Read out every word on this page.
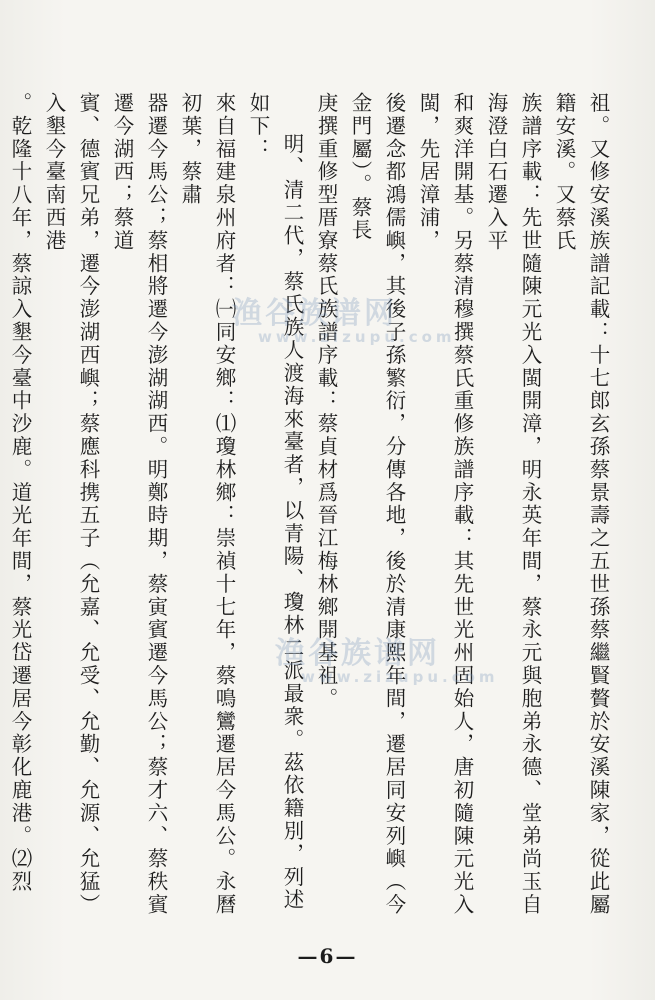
祖。又修安溪族譜記載：十七郎玄孫蔡景壽之五世孫蔡繼賢贅於安溪陳家，從此屬籍安溪。又蔡氏

族譜序載：先世隨陳元光入閩開漳，明永英年間，蔡永元與胞弟永德、堂弟尚玉自海澄白石遷入平

和爽洋開基。另蔡清穆撰蔡氏重修族譜序載：其先世光州固始人，唐初隨陳元光入閩，先居漳浦，

後遷念都鴻儒嶼，其後子孫繁衍，分傳各地，後於清康熙年間，遷居同安列嶼（今金門屬）。蔡長

庚撰重修型厝寮蔡氏族譜序載：蔡貞材爲晉江梅林鄉開基祖。

明、清二代，蔡氏族人渡海來臺者，以青陽、瓊林二派最衆。茲依籍別，列述如下：

來自福建泉州府者：㈠同安鄉：⑴瓊林鄉：崇禎十七年，蔡鳴鸞遷居今馬公。永曆初葉，蔡肅

器遷今馬公；蔡相將遷今澎湖湖西。明鄭時期，蔡寅賓遷今馬公；蔡才六、蔡秩賓遷今湖西；蔡道

賓、德賓兄弟，遷今澎湖西嶼；蔡應科携五子（允嘉、允受、允勤、允源、允猛）入墾今臺南西港

。乾隆十八年，蔡諒入墾今臺中沙鹿。道光年間，蔡光岱遷居今彰化鹿港。⑵烈

渔谷族谱网
www.zizupu.com
渔谷族谱网
www.zizupu.com
—6—
